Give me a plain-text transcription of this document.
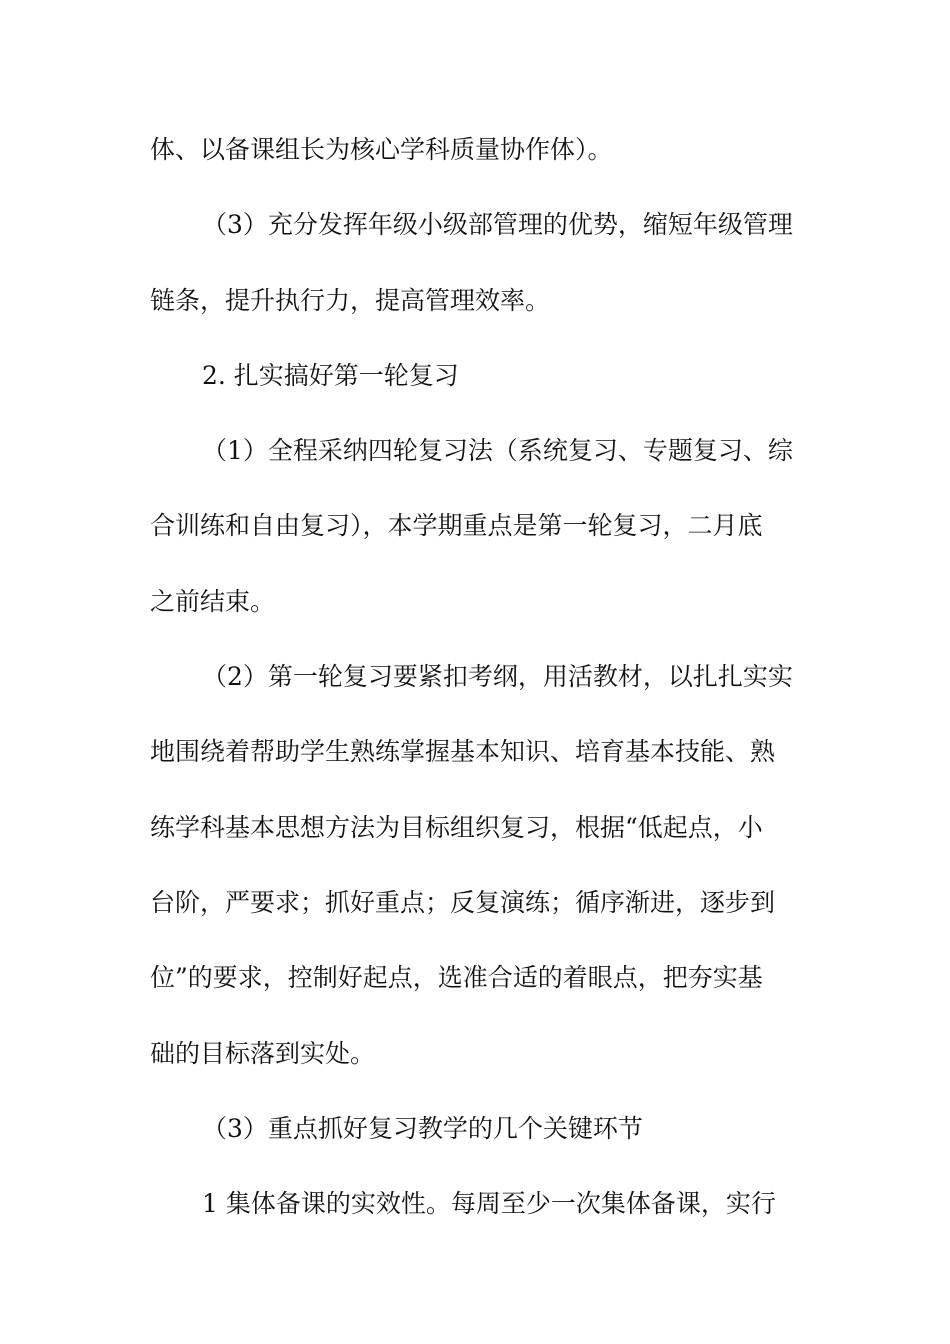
体、以备课组长为核心学科质量协作体）。
（3）充分发挥年级小级部管理的优势，缩短年级管理
链条，提升执行力，提高管理效率。
2. 扎实搞好第一轮复习
（1）全程采纳四轮复习法（系统复习、专题复习、综
合训练和自由复习），本学期重点是第一轮复习，二月底
之前结束。
（2）第一轮复习要紧扣考纲，用活教材，以扎扎实实
地围绕着帮助学生熟练掌握基本知识、培育基本技能、熟
练学科基本思想方法为目标组织复习，根据“低起点，小
台阶，严要求；抓好重点；反复演练；循序渐进，逐步到
位”的要求，控制好起点，选准合适的着眼点，把夯实基
础的目标落到实处。
（3）重点抓好复习教学的几个关键环节
1 集体备课的实效性。每周至少一次集体备课，实行
